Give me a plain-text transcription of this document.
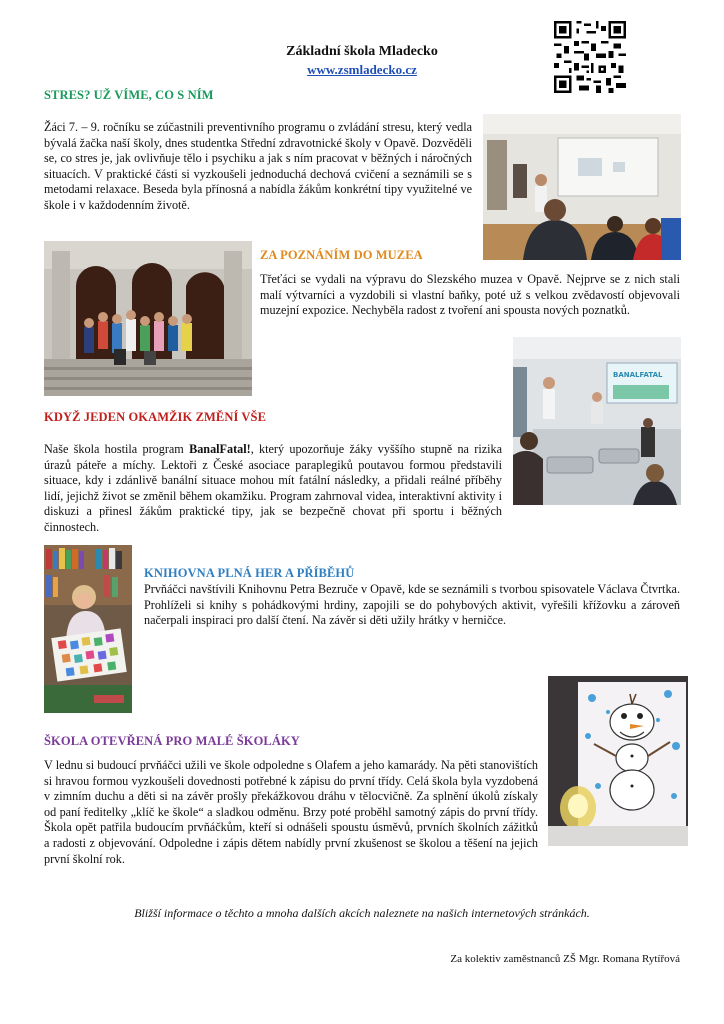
Základní škola Mladecko
www.zsmladecko.cz
STRES? UŽ VÍME, CO S NÍM

Žáci 7. – 9. ročníku se zúčastnili preventivního programu o zvládání stresu, který vedla bývalá žačka naší školy, dnes studentka Střední zdravotnické školy v Opavě. Dozvěděli se, co stres je, jak ovlivňuje tělo i psychiku a jak s ním pracovat v běžných i náročných situacích. V praktické části si vyzkoušeli jednoduchá dechová cvičení a seznámili se s metodami relaxace. Beseda byla přínosná a nabídla žákům konkrétní tipy využitelné ve škole i v každodenním životě.

ZA POZNÁNÍM DO MUZEA

Třeťáci se vydali na výpravu do Slezského muzea v Opavě. Nejprve se z nich stali malí výtvarníci a vyzdobili si vlastní baňky, poté už s velkou zvědavostí objevovali muzejní expozice. Nechyběla radost z tvoření ani spousta nových poznatků.

BANALFATAL
KDYŽ JEDEN OKAMŽIK ZMĚNÍ VŠE

Naše škola hostila program BanalFatal!, který upozorňuje žáky vyššího stupně na rizika úrazů páteře a míchy. Lektoři z České asociace paraplegiků poutavou formou představili situace, kdy i zdánlivě banální situace mohou mít fatální následky, a přidali reálné příběhy lidí, jejichž život se změnil během okamžiku. Program zahrnoval videa, interaktivní aktivity i diskuzi a přinesl žákům praktické tipy, jak se bezpečně chovat při sportu i běžných činnostech.

KNIHOVNA PLNÁ HER A PŘÍBĚHŮ

Prvňáčci navštívili Knihovnu Petra Bezruče v Opavě, kde se seznámili s tvorbou spisovatele Václava Čtvrtka. Prohlíželi si knihy s pohádkovými hrdiny, zapojili se do pohybových aktivit, vyřešili křížovku a zároveň načerpali inspiraci pro další čtení. Na závěr si děti užily hrátky v herničce.

ŠKOLA OTEVŘENÁ PRO MALÉ ŠKOLÁKY

V lednu si budoucí prvňáčci užili ve škole odpoledne s Olafem a jeho kamarády. Na pěti stanovištích si hravou formou vyzkoušeli dovednosti potřebné k zápisu do první třídy. Celá škola byla vyzdobená v zimním duchu a děti si na závěr prošly překážkovou dráhu v tělocvičně. Za splnění úkolů získaly od paní ředitelky „klíč ke škole“ a sladkou odměnu. Brzy poté proběhl samotný zápis do první třídy. Škola opět patřila budoucím prvňáčkům, kteří si odnášeli spoustu úsměvů, prvních školních zážitků a radosti z objevování. Odpoledne i zápis dětem nabídly první zkušenost se školou a těšení na jejich první školní rok.

Bližší informace o těchto a mnoha dalších akcích naleznete na našich internetových stránkách.
Za kolektiv zaměstnanců ZŠ Mgr. Romana Rytířová
